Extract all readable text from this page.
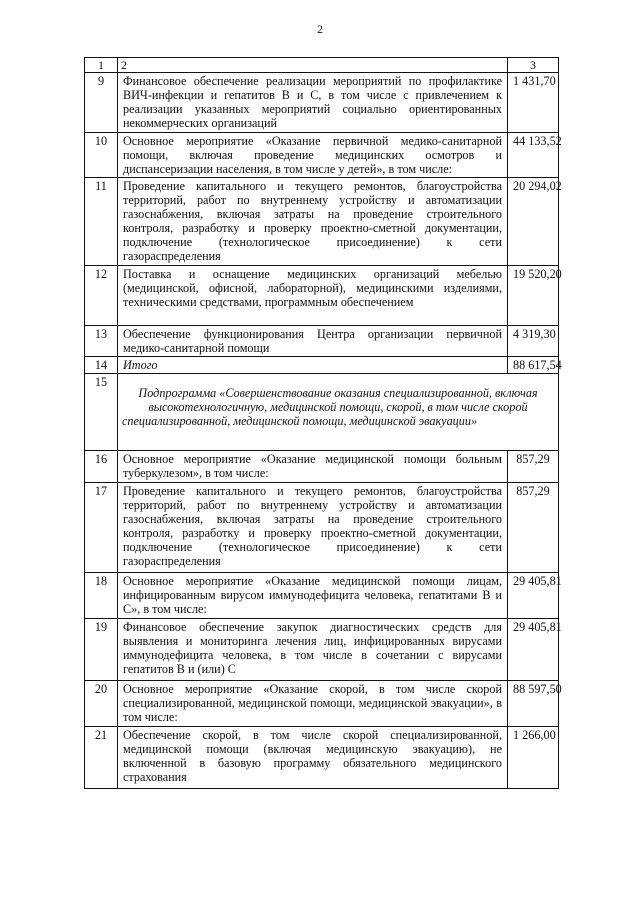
2
1	2	3
9	Финансовое обеспечение реализации мероприятий по профилактике ВИЧ-инфекции и гепатитов В и С, в том числе с привлечением к реализации указанных мероприятий социально ориентированных некоммерческих организаций	1 431,70
10	Основное мероприятие «Оказание первичной медико-санитарной помощи, включая проведение медицинских осмотров и диспансеризации населения, в том числе у детей», в том числе:	44 133,52
11	Проведение капитального и текущего ремонтов, благоустройства территорий, работ по внутреннему устройству и автоматизации газоснабжения, включая затраты на проведение строительного контроля, разработку и проверку проектно-сметной документации, подключение (технологическое присоединение) к сети газораспределения	20 294,02
12	Поставка и оснащение медицинских организаций мебелью (медицинской, офисной, лабораторной), медицинскими изделиями, техническими средствами, программным обеспечением	19 520,20
13	Обеспечение функционирования Центра организации первичной медико-санитарной помощи	4 319,30
14	Итого	88 617,54
15	Подпрограмма «Совершенствование оказания специализированной, включая высокотехнологичную, медицинской помощи, скорой, в том числе скорой специализированной, медицинской помощи, медицинской эвакуации»	
16	Основное мероприятие «Оказание медицинской помощи больным туберкулезом», в том числе:	857,29
17	Проведение капитального и текущего ремонтов, благоустройства территорий, работ по внутреннему устройству и автоматизации газоснабжения, включая затраты на проведение строительного контроля, разработку и проверку проектно-сметной документации, подключение (технологическое присоединение) к сети газораспределения	857,29
18	Основное мероприятие «Оказание медицинской помощи лицам, инфицированным вирусом иммунодефицита человека, гепатитами В и С», в том числе:	29 405,81
19	Финансовое обеспечение закупок диагностических средств для выявления и мониторинга лечения лиц, инфицированных вирусами иммунодефицита человека, в том числе в сочетании с вирусами гепатитов В и (или) С	29 405,81
20	Основное мероприятие «Оказание скорой, в том числе скорой специализированной, медицинской помощи, медицинской эвакуации», в том числе:	88 597,50
21	Обеспечение скорой, в том числе скорой специализированной, медицинской помощи (включая медицинскую эвакуацию), не включенной в базовую программу обязательного медицинского страхования	1 266,00
